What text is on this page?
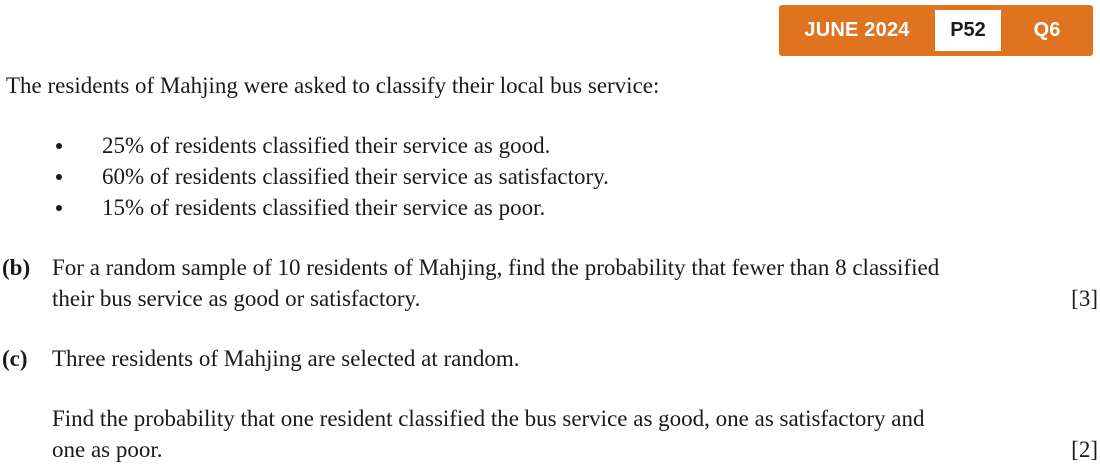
JUNE 2024	P52	Q6
The residents of Mahjing were asked to classify their local bus service:
25% of residents classified their service as good.
60% of residents classified their service as satisfactory.
15% of residents classified their service as poor.
(b) For a random sample of 10 residents of Mahjing, find the probability that fewer than 8 classified
their bus service as good or satisfactory.	[3]
(c) Three residents of Mahjing are selected at random.
Find the probability that one resident classified the bus service as good, one as satisfactory and
one as poor.	[2]
